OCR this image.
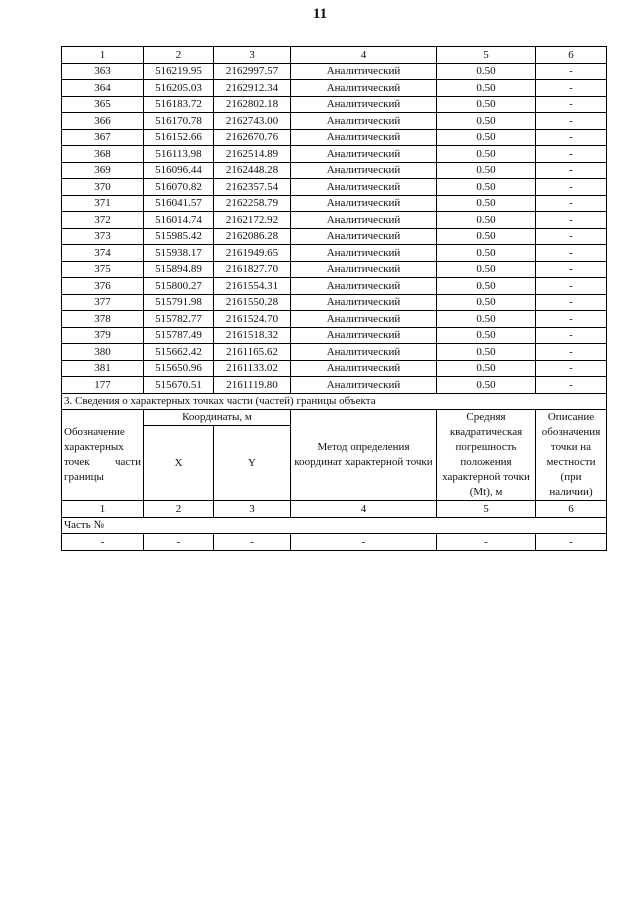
11
1	2	3	4	5	6
363	516219.95	2162997.57	Аналитический	0.50	-
364	516205.03	2162912.34	Аналитический	0.50	-
365	516183.72	2162802.18	Аналитический	0.50	-
366	516170.78	2162743.00	Аналитический	0.50	-
367	516152.66	2162670.76	Аналитический	0.50	-
368	516113.98	2162514.89	Аналитический	0.50	-
369	516096.44	2162448.28	Аналитический	0.50	-
370	516070.82	2162357.54	Аналитический	0.50	-
371	516041.57	2162258.79	Аналитический	0.50	-
372	516014.74	2162172.92	Аналитический	0.50	-
373	515985.42	2162086.28	Аналитический	0.50	-
374	515938.17	2161949.65	Аналитический	0.50	-
375	515894.89	2161827.70	Аналитический	0.50	-
376	515800.27	2161554.31	Аналитический	0.50	-
377	515791.98	2161550.28	Аналитический	0.50	-
378	515782.77	2161524.70	Аналитический	0.50	-
379	515787.49	2161518.32	Аналитический	0.50	-
380	515662.42	2161165.62	Аналитический	0.50	-
381	515650.96	2161133.02	Аналитический	0.50	-
177	515670.51	2161119.80	Аналитический	0.50	-
3. Сведения о характерных точках части (частей) границы объекта					
Обозначение характерных точек части границы	Координаты, м		Метод определения координат характерной точки	Средняя квадратическая погрешность положения характерной точки (Mt), м	Описание обозначения точки на местности (при наличии)
	X	Y			
1	2	3	4	5	6
Часть №					
-	-	-	-	-	-
